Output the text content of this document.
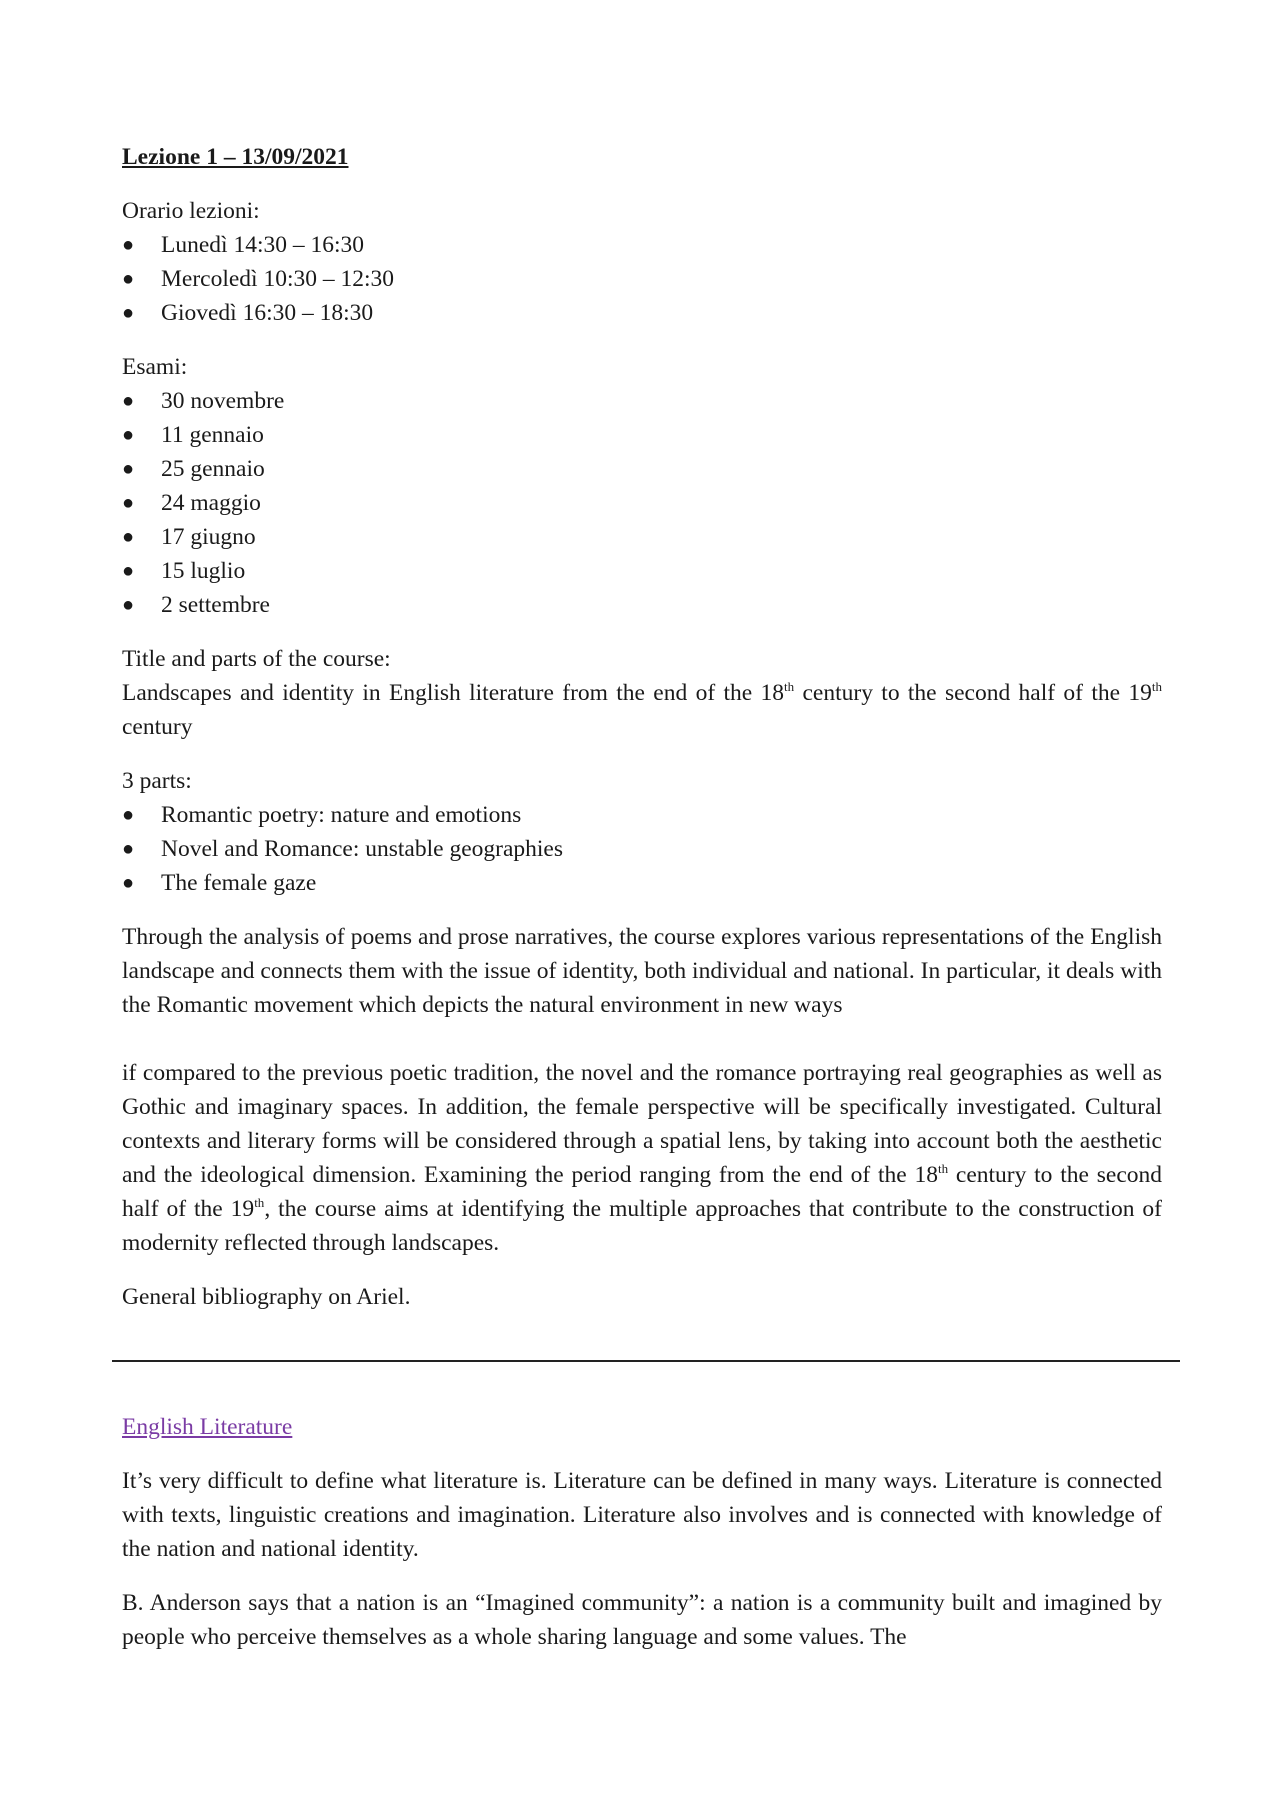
Lezione 1 – 13/09/2021

Orario lezioni:

● Lunedì 14:30 – 16:30
● Mercoledì 10:30 – 12:30
● Giovedì 16:30 – 18:30

Esami:

● 30 novembre
● 11 gennaio
● 25 gennaio
● 24 maggio
● 17 giugno
● 15 luglio
● 2 settembre

Title and parts of the course:

Landscapes and identity in English literature from the end of the 18th century to the second half of the 19th century

3 parts:

● Romantic poetry: nature and emotions
● Novel and Romance: unstable geographies
● The female gaze

Through the analysis of poems and prose narratives, the course explores various representations of the English landscape and connects them with the issue of identity, both individual and national. In particular, it deals with the Romantic movement which depicts the natural environment in new ways

if compared to the previous poetic tradition, the novel and the romance portraying real geographies as well as Gothic and imaginary spaces. In addition, the female perspective will be specifically investigated. Cultural contexts and literary forms will be considered through a spatial lens, by taking into account both the aesthetic and the ideological dimension. Examining the period ranging from the end of the 18th century to the second half of the 19th, the course aims at identifying the multiple approaches that contribute to the construction of modernity reflected through landscapes.

General bibliography on Ariel.

English Literature

It’s very difficult to define what literature is. Literature can be defined in many ways. Literature is connected with texts, linguistic creations and imagination. Literature also involves and is connected with knowledge of the nation and national identity.

B. Anderson says that a nation is an “Imagined community”: a nation is a community built and imagined by people who perceive themselves as a whole sharing language and some values. The
